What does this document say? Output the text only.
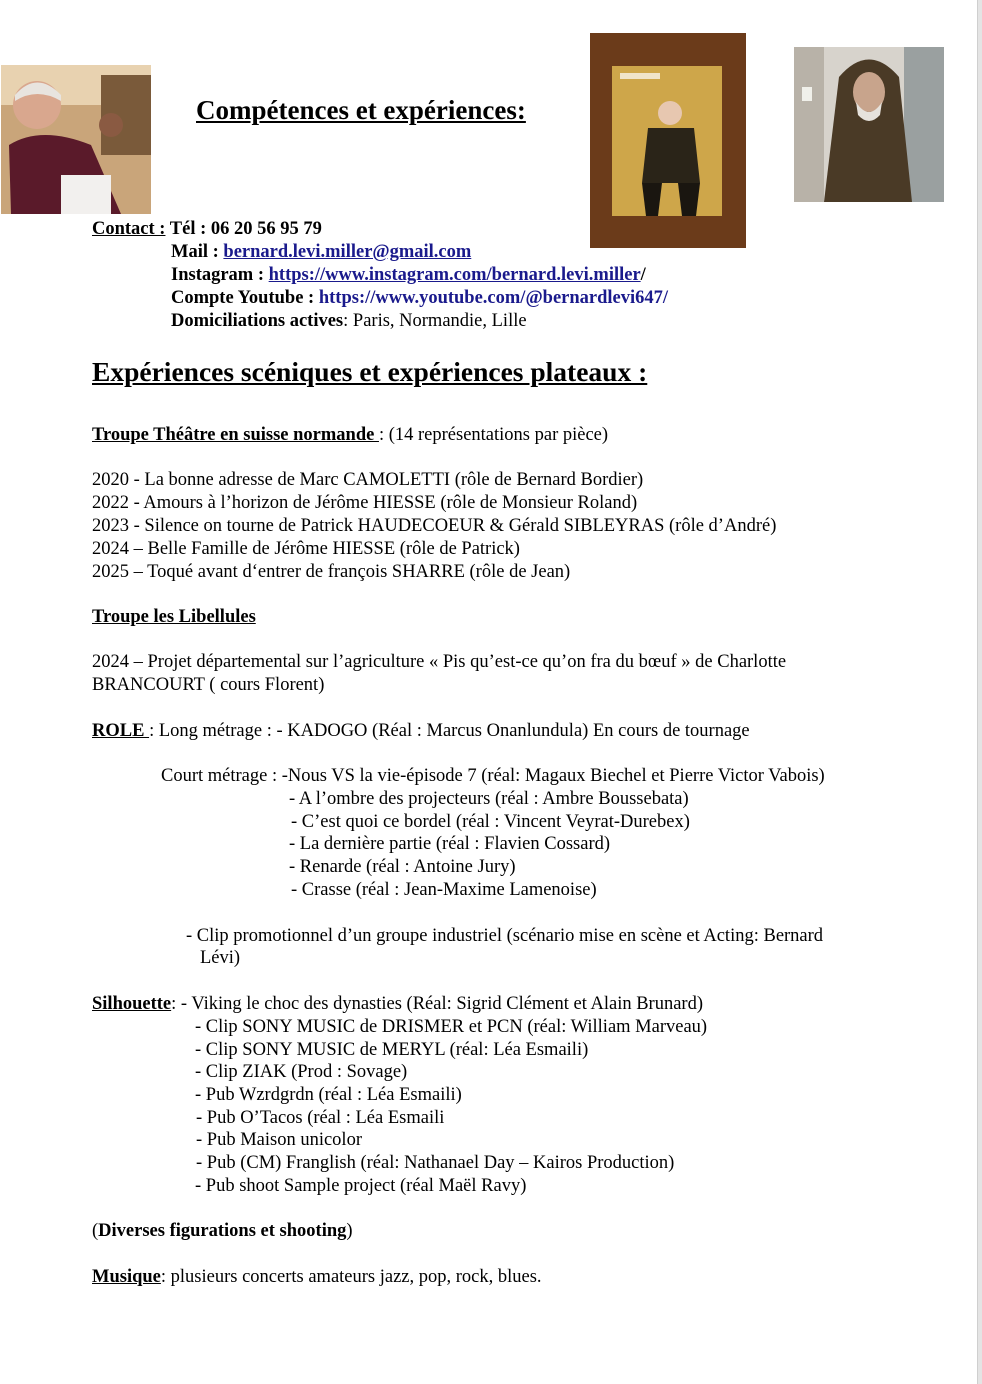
Compétences et expériences:
Contact : Tél : 06 20 56 95 79
Mail : bernard.levi.miller@gmail.com
Instagram : https://www.instagram.com/bernard.levi.miller/
Compte Youtube : https://www.youtube.com/@bernardlevi647/
Domiciliations actives: Paris, Normandie, Lille
Expériences scéniques et expériences plateaux :
Troupe Théâtre en suisse normande : (14 représentations par pièce)
2020 - La bonne adresse de Marc CAMOLETTI (rôle de Bernard Bordier)
2022 - Amours à l’horizon de Jérôme HIESSE (rôle de Monsieur Roland)
2023 - Silence on tourne de Patrick HAUDECOEUR & Gérald SIBLEYRAS (rôle d’André)
2024 – Belle Famille de Jérôme HIESSE (rôle de Patrick)
2025 – Toqué avant d‘entrer de françois SHARRE (rôle de Jean)
Troupe les Libellules
2024 – Projet départemental sur l’agriculture « Pis qu’est-ce qu’on fra du bœuf » de Charlotte
BRANCOURT ( cours Florent)
ROLE : Long métrage : - KADOGO (Réal : Marcus Onanlundula) En cours de tournage
Court métrage : -Nous VS la vie-épisode 7 (réal: Magaux Biechel et Pierre Victor Vabois)
- A l’ombre des projecteurs (réal : Ambre Boussebata)
- C’est quoi ce bordel (réal : Vincent Veyrat-Durebex)
- La dernière partie (réal : Flavien Cossard)
- Renarde (réal : Antoine Jury)
- Crasse (réal : Jean-Maxime Lamenoise)
- Clip promotionnel d’un groupe industriel (scénario mise en scène et Acting: Bernard
Lévi)
Silhouette: - Viking le choc des dynasties (Réal: Sigrid Clément et Alain Brunard)
- Clip SONY MUSIC de DRISMER et PCN (réal: William Marveau)
- Clip SONY MUSIC de MERYL (réal: Léa Esmaili)
- Clip ZIAK (Prod : Sovage)
- Pub Wzrdgrdn (réal : Léa Esmaili)
- Pub O’Tacos (réal : Léa Esmaili
- Pub Maison unicolor
- Pub (CM) Franglish (réal: Nathanael Day – Kairos Production)
- Pub shoot Sample project (réal Maël Ravy)
(Diverses figurations et shooting)
Musique: plusieurs concerts amateurs jazz, pop, rock, blues.
